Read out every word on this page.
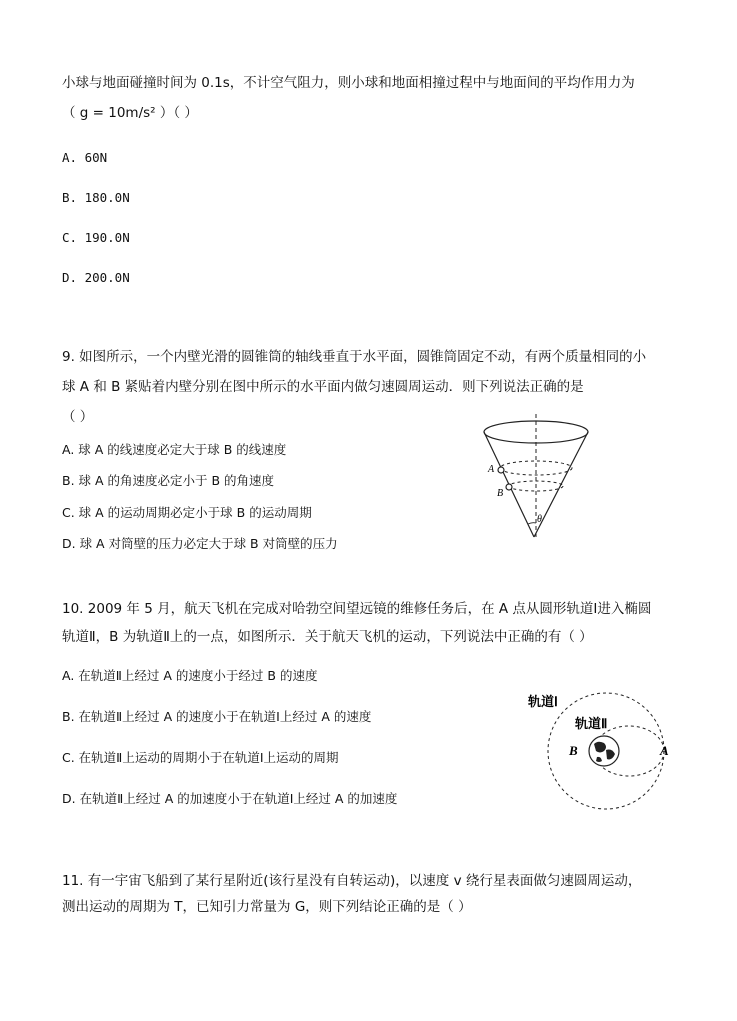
小球与地面碰撞时间为 0.1s，不计空气阻力，则小球和地面相撞过程中与地面间的平均作用力为
（ g = 10m/s² ）（ ）
A. 60N
B. 180.0N
C. 190.0N
D. 200.0N
9. 如图所示，一个内壁光滑的圆锥筒的轴线垂直于水平面，圆锥筒固定不动，有两个质量相同的小
球 A 和 B 紧贴着内壁分别在图中所示的水平面内做匀速圆周运动．则下列说法正确的是
（ ）
A. 球 A 的线速度必定大于球 B 的线速度
B. 球 A 的角速度必定小于 B 的角速度
C. 球 A 的运动周期必定小于球 B 的运动周期
D. 球 A 对筒壁的压力必定大于球 B 对筒壁的压力
A
B
θ
10. 2009 年 5 月，航天飞机在完成对哈勃空间望远镜的维修任务后，在 A 点从圆形轨道Ⅰ进入椭圆
轨道Ⅱ，B 为轨道Ⅱ上的一点，如图所示．关于航天飞机的运动，下列说法中正确的有（ ）
A. 在轨道Ⅱ上经过 A 的速度小于经过 B 的速度
B. 在轨道Ⅱ上经过 A 的速度小于在轨道Ⅰ上经过 A 的速度
C. 在轨道Ⅱ上运动的周期小于在轨道Ⅰ上运动的周期
D. 在轨道Ⅱ上经过 A 的加速度小于在轨道Ⅰ上经过 A 的加速度
轨道Ⅰ
轨道Ⅱ
B	A
11. 有一宇宙飞船到了某行星附近(该行星没有自转运动)，以速度 v 绕行星表面做匀速圆周运动，
测出运动的周期为 T，已知引力常量为 G，则下列结论正确的是（ ）
